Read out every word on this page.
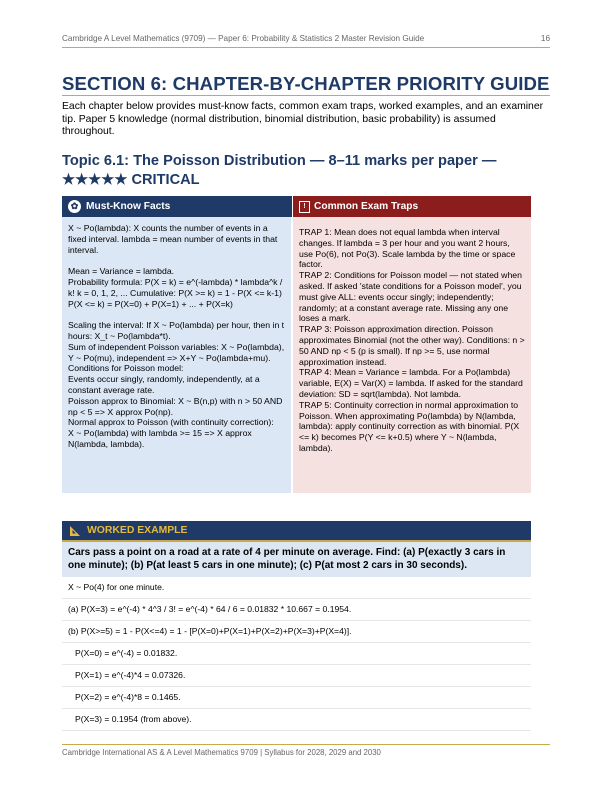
Cambridge A Level Mathematics (9709) — Paper 6: Probability & Statistics 2 Master Revision Guide	16
SECTION 6: CHAPTER-BY-CHAPTER PRIORITY GUIDE
Each chapter below provides must-know facts, common exam traps, worked examples, and an examiner tip. Paper 5 knowledge (normal distribution, binomial distribution, basic probability) is assumed throughout.
Topic 6.1: The Poisson Distribution — 8–11 marks per paper — ★★★★★ CRITICAL
✿ Must-Know Facts
X ~ Po(lambda): X counts the number of events in a fixed interval. lambda = mean number of events in that interval.

Mean = Variance = lambda.
Probability formula: P(X = k) = e^(-lambda) * lambda^k / k! k = 0, 1, 2, ... Cumulative: P(X >= k) = 1 - P(X <= k-1) P(X <= k) = P(X=0) + P(X=1) + ... + P(X=k)

Scaling the interval: If X ~ Po(lambda) per hour, then in t hours: X_t ~ Po(lambda*t).
Sum of independent Poisson variables: X ~ Po(lambda), Y ~ Po(mu), independent => X+Y ~ Po(lambda+mu).
Conditions for Poisson model:
Events occur singly, randomly, independently, at a constant average rate.
Poisson approx to Binomial: X ~ B(n,p) with n > 50 AND np < 5 => X approx Po(np).
Normal approx to Poisson (with continuity correction):
X ~ Po(lambda) with lambda >= 15 => X approx N(lambda, lambda).
! Common Exam Traps
TRAP 1: Mean does not equal lambda when interval changes. If lambda = 3 per hour and you want 2 hours, use Po(6), not Po(3). Scale lambda by the time or space factor.
TRAP 2: Conditions for Poisson model — not stated when asked. If asked 'state conditions for a Poisson model', you must give ALL: events occur singly; independently; randomly; at a constant average rate. Missing any one loses a mark.
TRAP 3: Poisson approximation direction. Poisson approximates Binomial (not the other way). Conditions: n > 50 AND np < 5 (p is small). If np >= 5, use normal approximation instead.
TRAP 4: Mean = Variance = lambda. For a Po(lambda) variable, E(X) = Var(X) = lambda. If asked for the standard deviation: SD = sqrt(lambda). Not lambda.
TRAP 5: Continuity correction in normal approximation to Poisson. When approximating Po(lambda) by N(lambda, lambda): apply continuity correction as with binomial. P(X <= k) becomes P(Y <= k+0.5) where Y ~ N(lambda, lambda).
WORKED EXAMPLE
Cars pass a point on a road at a rate of 4 per minute on average. Find: (a) P(exactly 3 cars in one minute); (b) P(at least 5 cars in one minute); (c) P(at most 2 cars in 30 seconds).
X ~ Po(4) for one minute.
(a) P(X=3) = e^(-4) * 4^3 / 3! = e^(-4) * 64 / 6 = 0.01832 * 10.667 = 0.1954.
(b) P(X>=5) = 1 - P(X<=4) = 1 - [P(X=0)+P(X=1)+P(X=2)+P(X=3)+P(X=4)].
P(X=0) = e^(-4) = 0.01832.
P(X=1) = e^(-4)*4 = 0.07326.
P(X=2) = e^(-4)*8 = 0.1465.
P(X=3) = 0.1954 (from above).
Cambridge International AS & A Level Mathematics 9709 | Syllabus for 2028, 2029 and 2030
